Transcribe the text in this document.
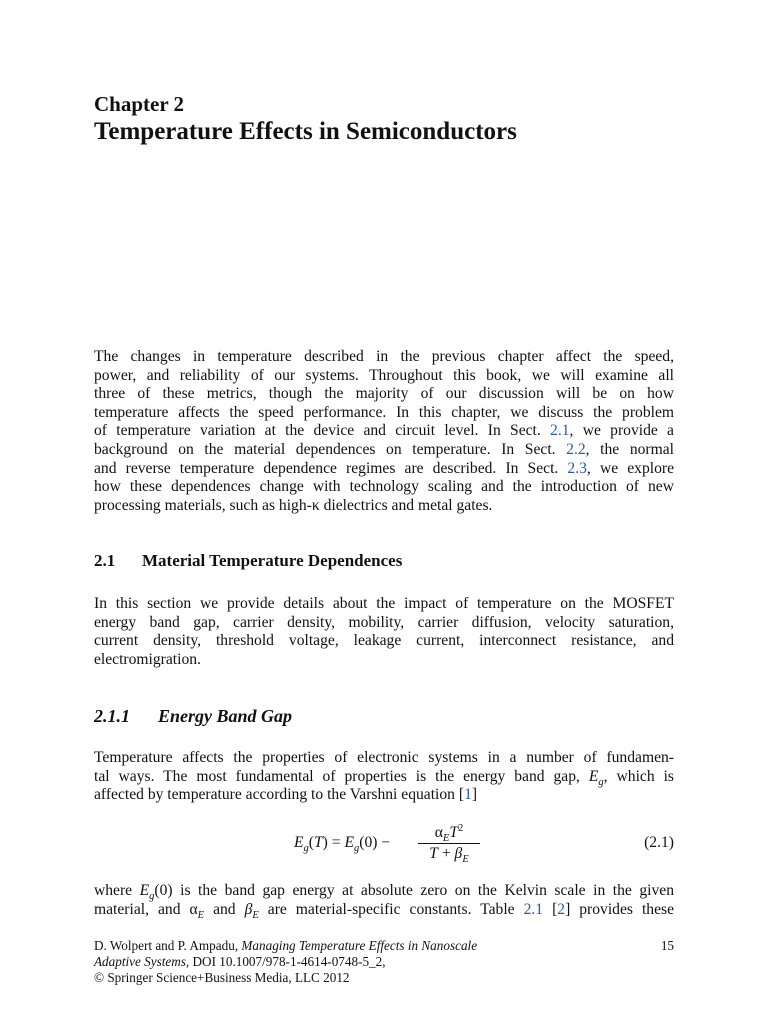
Chapter 2
Temperature Effects in Semiconductors
The changes in temperature described in the previous chapter affect the speed,
power, and reliability of our systems. Throughout this book, we will examine all
three of these metrics, though the majority of our discussion will be on how
temperature affects the speed performance. In this chapter, we discuss the problem
of temperature variation at the device and circuit level. In Sect. 2.1, we provide a
background on the material dependences on temperature. In Sect. 2.2, the normal
and reverse temperature dependence regimes are described. In Sect. 2.3, we explore
how these dependences change with technology scaling and the introduction of new
processing materials, such as high-κ dielectrics and metal gates.
2.1 Material Temperature Dependences
In this section we provide details about the impact of temperature on the MOSFET
energy band gap, carrier density, mobility, carrier diffusion, velocity saturation,
current density, threshold voltage, leakage current, interconnect resistance, and
electromigration.
2.1.1 Energy Band Gap
Temperature affects the properties of electronic systems in a number of fundamen-
tal ways. The most fundamental of properties is the energy band gap, $E_g$, which is
affected by temperature according to the Varshni equation [1]
$E_g(T) = E_g(0)$ −
$\alpha_ET^2$
$T + \beta_E$
(2.1)
where $E_g(0)$ is the band gap energy at absolute zero on the Kelvin scale in the given
material, and $\alpha_E$ and $\beta_E$ are material-specific constants. Table 2.1 [2] provides these
D. Wolpert and P. Ampadu, Managing Temperature Effects in Nanoscale
Adaptive Systems, DOI 10.1007/978-1-4614-0748-5_2,
© Springer Science+Business Media, LLC 2012
15
